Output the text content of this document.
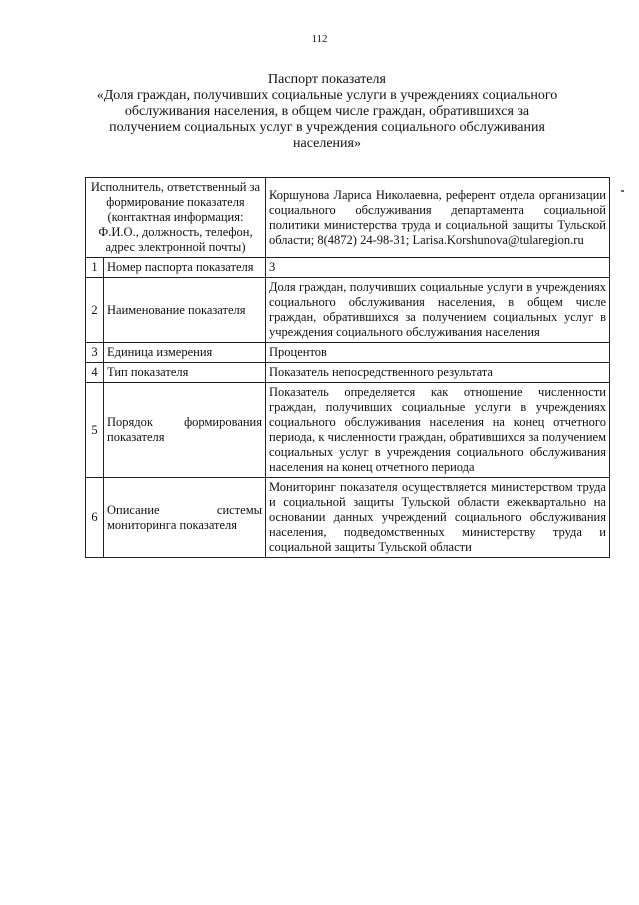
112
Паспорт показателя
«Доля граждан, получивших социальные услуги в учреждениях социального обслуживания населения, в общем числе граждан, обратившихся за получением социальных услуг в учреждения социального обслуживания населения»
Исполнитель, ответственный за формирование показателя (контактная информация: Ф.И.О., должность, телефон, адрес электронной почты)		Коршунова Лариса Николаевна, референт отдела организации социального обслуживания департамента социальной политики министерства труда и социальной защиты Тульской области; 8(4872) 24-98-31; Larisa.Korshunova@tularegion.ru
1	Номер паспорта показателя	3
2	Наименование показателя	Доля граждан, получивших социальные услуги в учреждениях социального обслуживания населения, в общем числе граждан, обратившихся за получением социальных услуг в учреждения социального обслуживания населения
3	Единица измерения	Процентов
4	Тип показателя	Показатель непосредственного результата
5	Порядок формирования показателя	Показатель определяется как отношение численности граждан, получивших социальные услуги в учреждениях социального обслуживания населения на конец отчетного периода, к численности граждан, обратившихся за получением социальных услуг в учреждения социального обслуживания населения на конец отчетного периода
6	Описание системы мониторинга показателя	Мониторинг показателя осуществляется министерством труда и социальной защиты Тульской области ежеквартально на основании данных учреждений социального обслуживания населения, подведомственных министерству труда и социальной защиты Тульской области
